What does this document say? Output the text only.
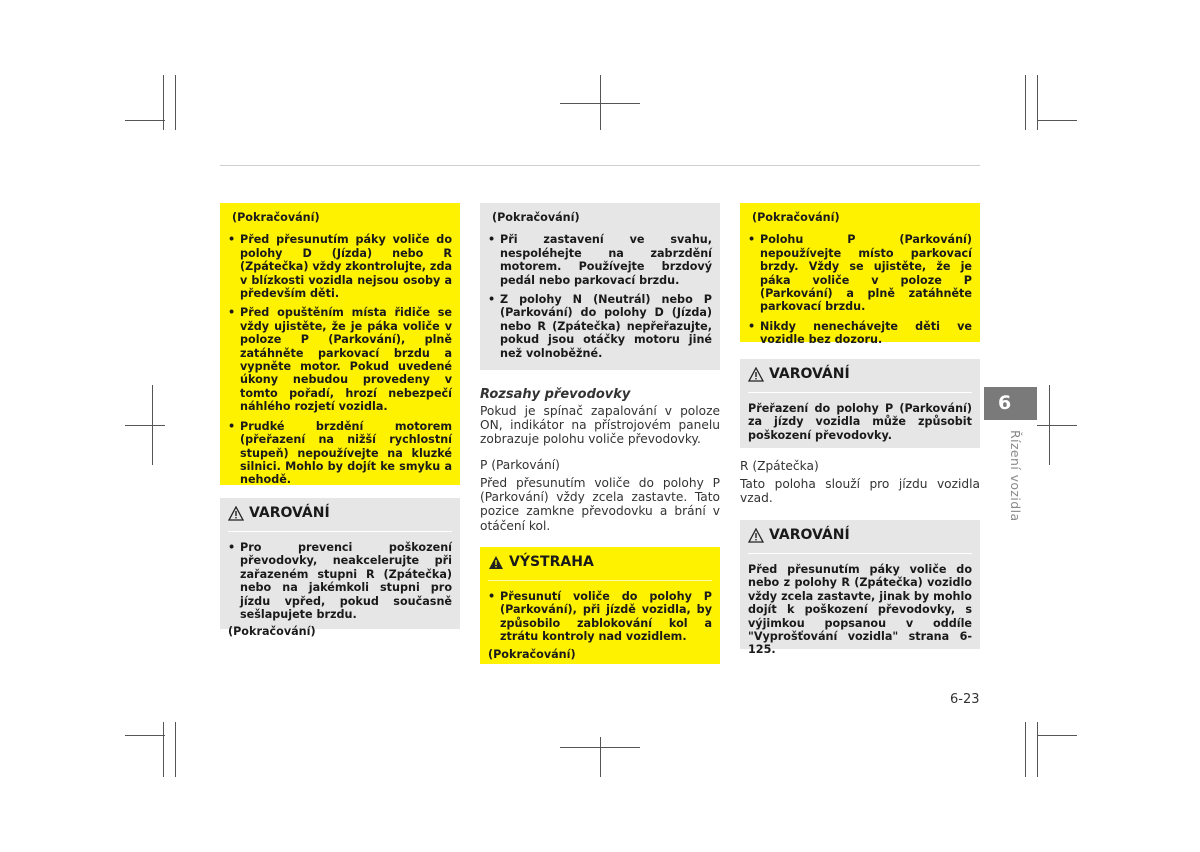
(Pokračování)
• Před přesunutím páky voliče do polohy D (Jízda) nebo R (Zpátečka) vždy zkontrolujte, zda v blízkosti vozidla nejsou osoby a především děti.
• Před opuštěním místa řidiče se vždy ujistěte, že je páka voliče v poloze P (Parkování), plně zatáhněte parkovací brzdu a vypněte motor. Pokud uvedené úkony nebudou provedeny v tomto pořadí, hrozí nebezpečí náhlého rozjetí vozidla.
• Prudké brzdění motorem (přeřazení na nižší rychlostní stupeň) nepoužívejte na kluzké silnici. Mohlo by dojít ke smyku a nehodě.
VAROVÁNÍ
• Pro prevenci poškození převodovky, neakcelerujte při zařazeném stupni R (Zpátečka) nebo na jakémkoli stupni pro jízdu vpřed, pokud současně sešlapujete brzdu.
(Pokračování)
(Pokračování)
• Při zastavení ve svahu, nespoléhejte na zabrzdění motorem. Používejte brzdový pedál nebo parkovací brzdu.
• Z polohy N (Neutrál) nebo P (Parkování) do polohy D (Jízda) nebo R (Zpátečka) nepřeřazujte, pokud jsou otáčky motoru jiné než volnoběžné.
Rozsahy převodovky
Pokud je spínač zapalování v poloze ON, indikátor na přístrojovém panelu zobrazuje polohu voliče převodovky.
P (Parkování)
Před přesunutím voliče do polohy P (Parkování) vždy zcela zastavte. Tato pozice zamkne převodovku a brání v otáčení kol.
VÝSTRAHA
• Přesunutí voliče do polohy P (Parkování), při jízdě vozidla, by způsobilo zablokování kol a ztrátu kontroly nad vozidlem.
(Pokračování)
(Pokračování)
• Polohu P (Parkování) nepoužívejte místo parkovací brzdy. Vždy se ujistěte, že je páka voliče v poloze P (Parkování) a plně zatáhněte parkovací brzdu.
• Nikdy nenechávejte děti ve vozidle bez dozoru.
VAROVÁNÍ

Přeřazení do polohy P (Parkování) za jízdy vozidla může způsobit poškození převodovky.

R (Zpátečka)
Tato poloha slouží pro jízdu vozidla vzad.
VAROVÁNÍ

Před přesunutím páky voliče do nebo z polohy R (Zpátečka) vozidlo vždy zcela zastavte, jinak by mohlo dojít k poškození převodovky, s výjimkou popsanou v oddíle "Vyprošťování vozidla" strana 6-125.

6
Řízení vozidla
6-23
